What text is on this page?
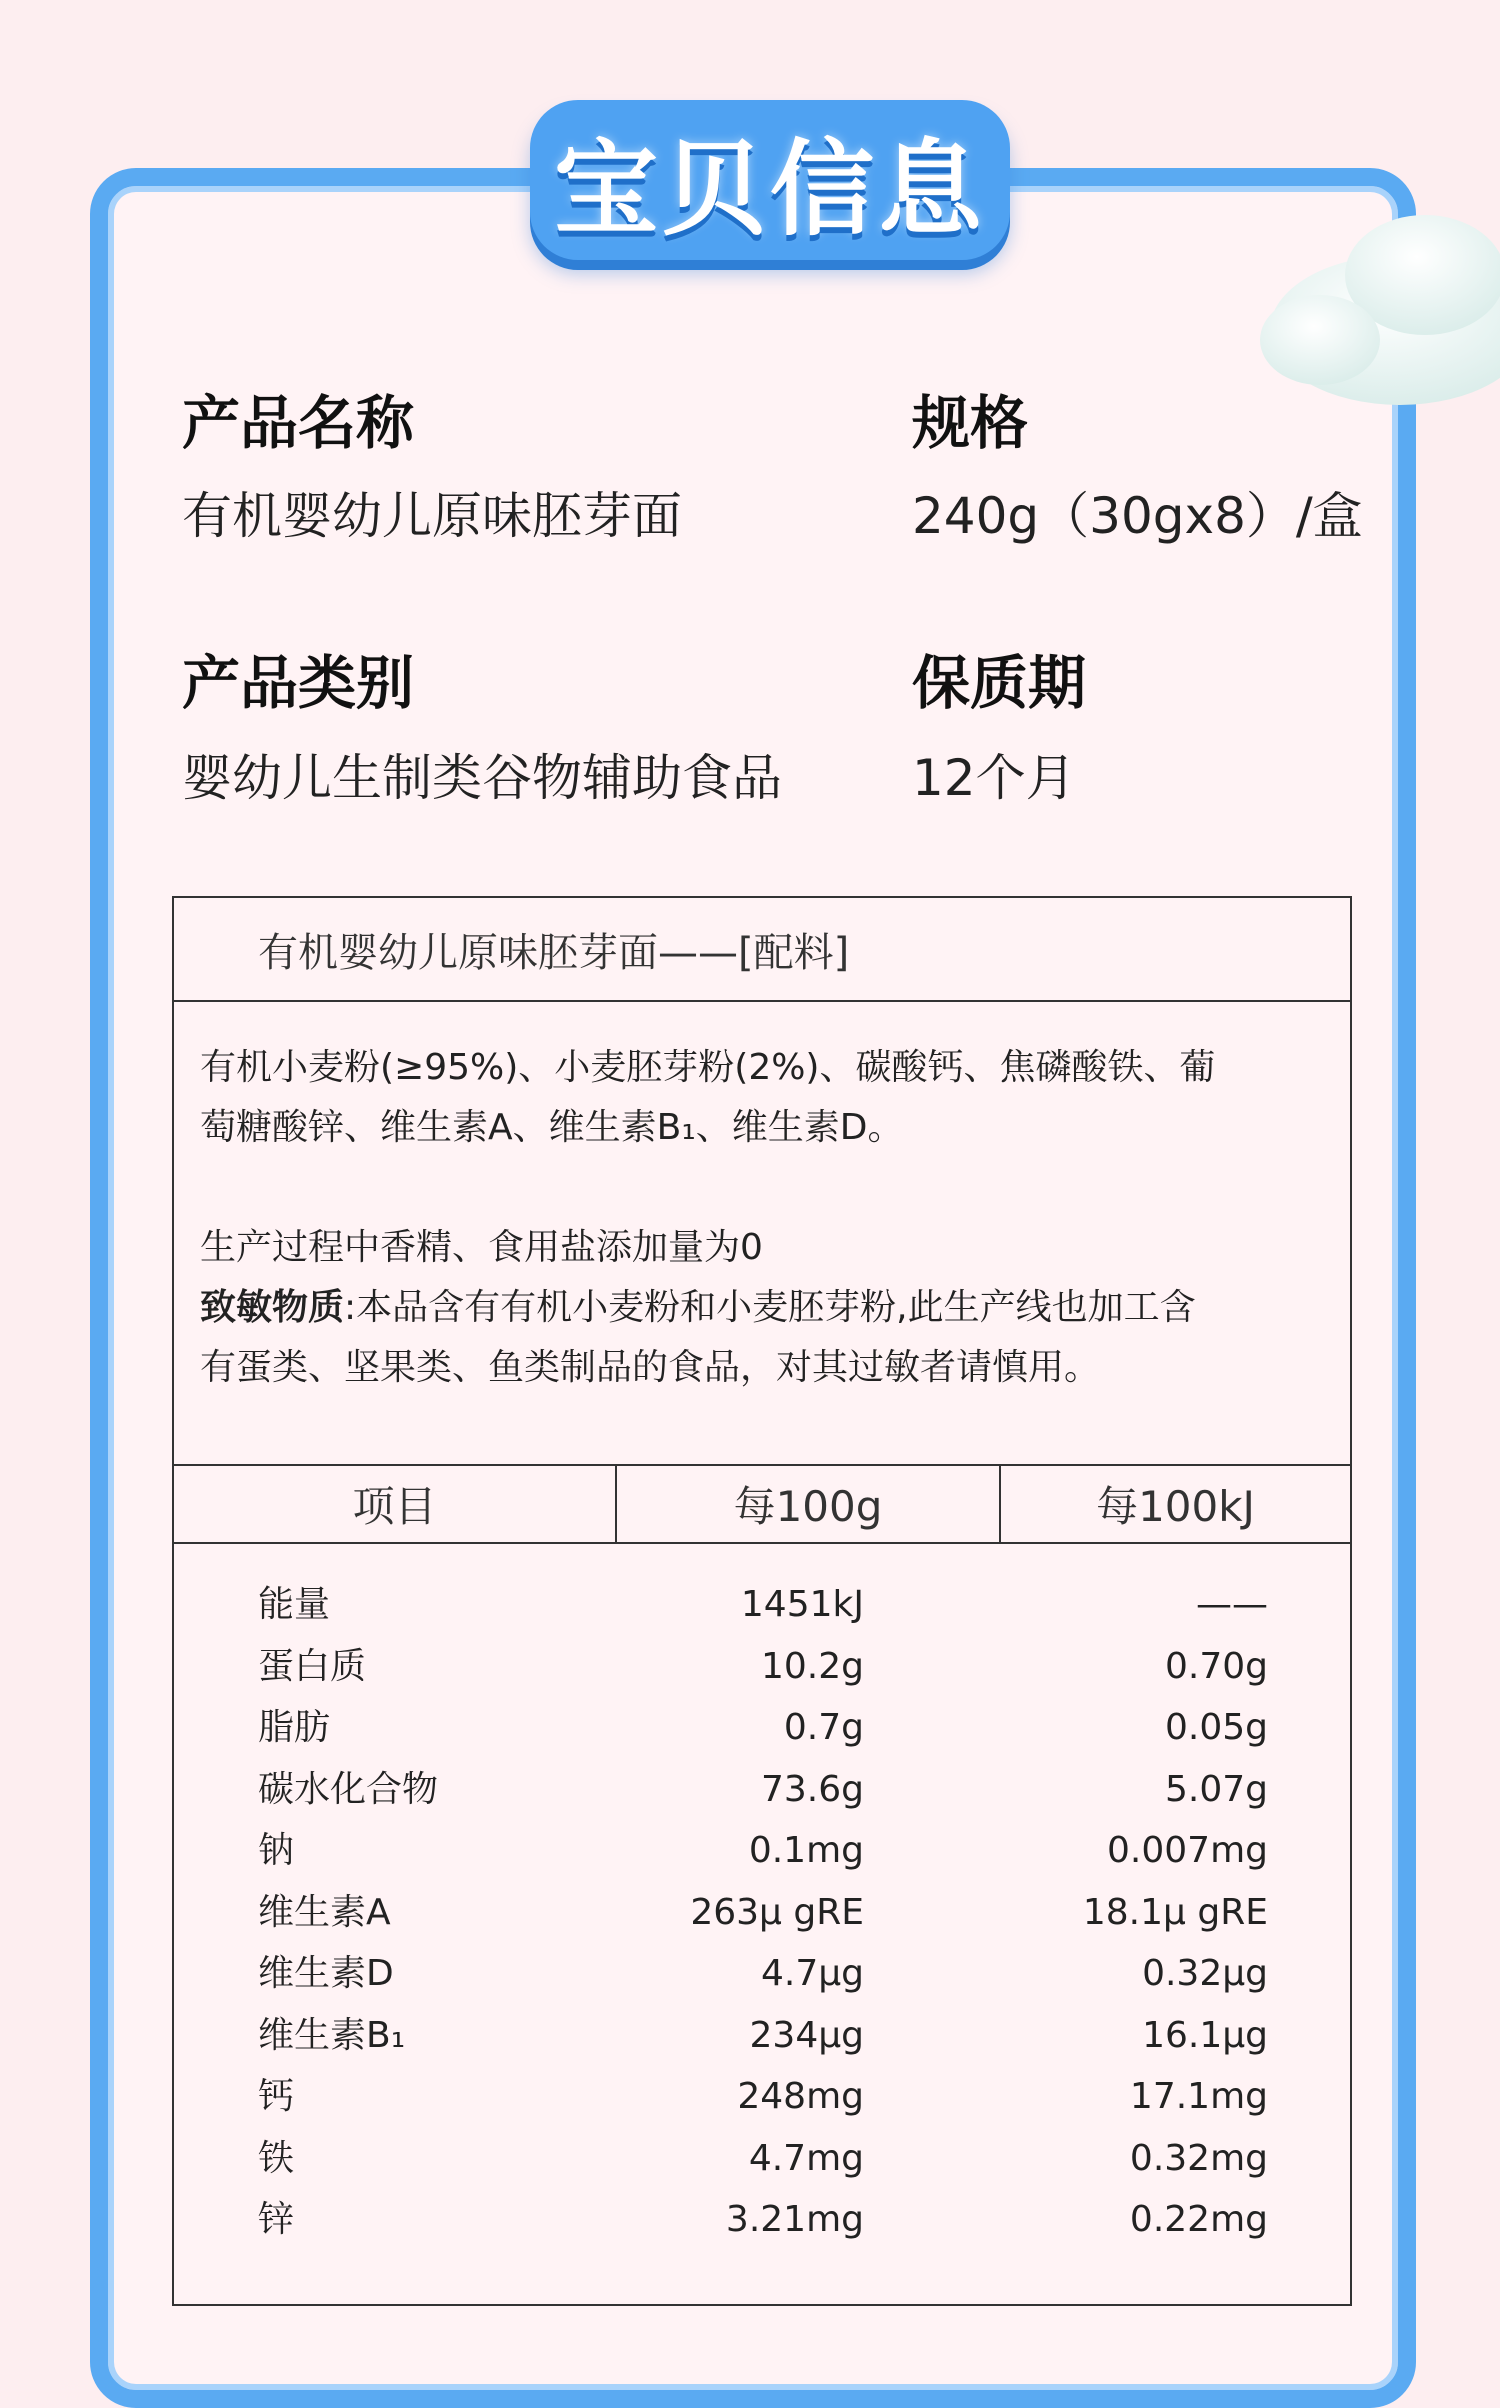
宝贝信息
产品名称
有机婴幼儿原味胚芽面
规格
240g（30gx8）/盒
产品类别
婴幼儿生制类谷物辅助食品
保质期
12个月
有机婴幼儿原味胚芽面——[配料]

有机小麦粉(≥95%)、小麦胚芽粉(2%)、碳酸钙、焦磷酸铁、葡

萄糖酸锌、维生素A、维生素B₁、维生素D。

生产过程中香精、食用盐添加量为0

致敏物质:本品含有有机小麦粉和小麦胚芽粉,此生产线也加工含

有蛋类、坚果类、鱼类制品的食品，对其过敏者请慎用。

项目	每100g	每100kJ
能量	1451kJ	——
蛋白质	10.2g	0.70g
脂肪	0.7g	0.05g
碳水化合物	73.6g	5.07g
钠	0.1mg	0.007mg
维生素A	263μ gRE	18.1μ gRE
维生素D	4.7μg	0.32μg
维生素B₁	234μg	16.1μg
钙	248mg	17.1mg
铁	4.7mg	0.32mg
锌	3.21mg	0.22mg
